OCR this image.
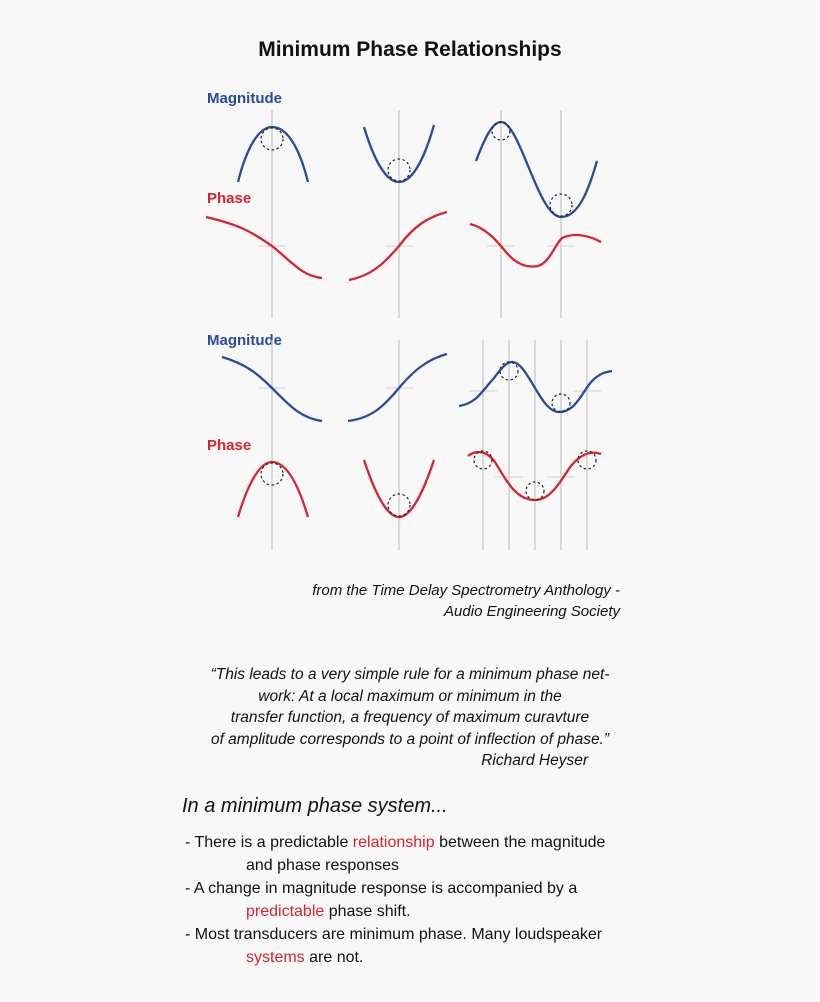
Minimum Phase Relationships
Magnitude
Phase
Magnitude
Phase
from the Time Delay Spectrometry Anthology -
Audio Engineering Society
“This leads to a very simple rule for a minimum phase net-
work: At a local maximum or minimum in the
transfer function, a frequency of maximum curavture
of amplitude corresponds to a point of inflection of phase.”
Richard Heyser
In a minimum phase system...
- There is a predictable relationship between the magnitude
and phase responses
- A change in magnitude response is accompanied by a
predictable phase shift.
- Most transducers are minimum phase. Many loudspeaker
systems are not.
